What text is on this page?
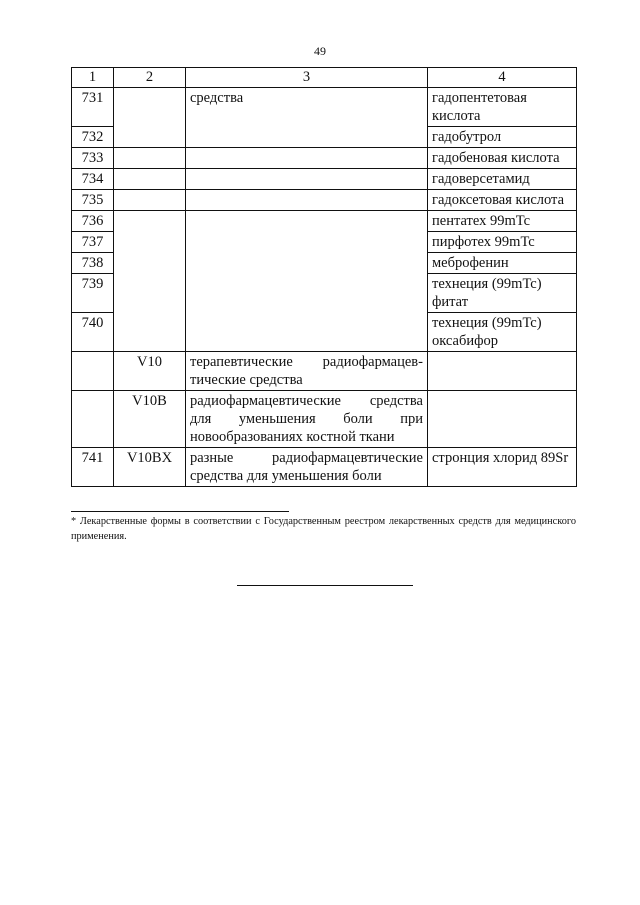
49
1	2	3	4
731		средства	гадопентетовая кислота
732			гадобутрол
733			гадобеновая кислота
734			гадоверсетамид
735			гадоксетовая кислота
736			пентатех 99mTc
737			пирфотех 99mTc
738			меброфенин
739			технеция (99mTc) фитат
740			технеция (99mTc) оксабифор
	V10	терапевтические радиофармацев-
тические средства	

	V10B	радиофармацевтические средства
для уменьшения боли при
новообразованиях костной ткани	

741	V10BX	разные радиофармацевтические
средства для уменьшения боли	стронция хлорид 89Sr
* Лекарственные формы в соответствии с Государственным реестром лекарственных средств для медицинского применения.
